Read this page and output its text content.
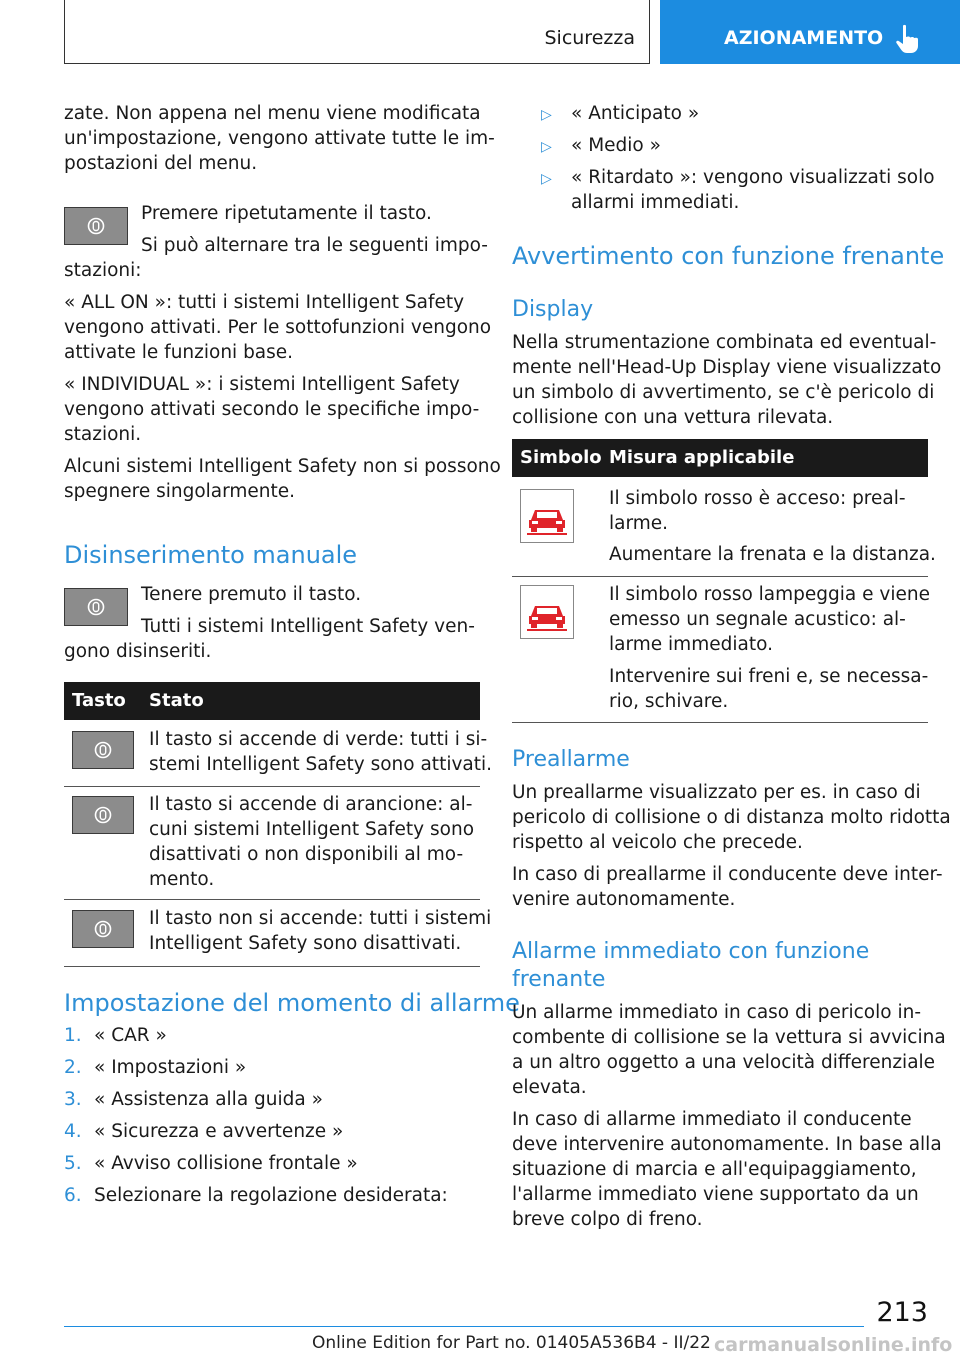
Sicurezza	AZIONAMENTO
zate. Non appena nel menu viene modificata
un'impostazione, vengono attivate tutte le im-
postazioni del menu.
Premere ripetutamente il tasto.
Si può alternare tra le seguenti impo-
stazioni:
« ALL ON »: tutti i sistemi Intelligent Safety
vengono attivati. Per le sottofunzioni vengono
attivate le funzioni base.
« INDIVIDUAL »: i sistemi Intelligent Safety
vengono attivati secondo le specifiche impo-
stazioni.
Alcuni sistemi Intelligent Safety non si possono
spegnere singolarmente.
Disinserimento manuale
Tenere premuto il tasto.
Tutti i sistemi Intelligent Safety ven-
gono disinseriti.
Tasto Stato
Il tasto si accende di verde: tutti i si-
stemi Intelligent Safety sono attivati.
Il tasto si accende di arancione: al-
cuni sistemi Intelligent Safety sono
disattivati o non disponibili al mo-
mento.
Il tasto non si accende: tutti i sistemi
Intelligent Safety sono disattivati.
Impostazione del momento di allarme
1. « CAR »
2. « Impostazioni »
3. « Assistenza alla guida »
4. « Sicurezza e avvertenze »
5. « Avviso collisione frontale »
6. Selezionare la regolazione desiderata:
▷ « Anticipato »
▷ « Medio »
▷ « Ritardato »: vengono visualizzati solo
allarmi immediati.
Avvertimento con funzione frenante
Display
Nella strumentazione combinata ed eventual-
mente nell'Head-Up Display viene visualizzato
un simbolo di avvertimento, se c'è pericolo di
collisione con una vettura rilevata.
Simbolo Misura applicabile
Il simbolo rosso è acceso: preal-
larme.
Aumentare la frenata e la distanza.
Il simbolo rosso lampeggia e viene
emesso un segnale acustico: al-
larme immediato.
Intervenire sui freni e, se necessa-
rio, schivare.
Preallarme
Un preallarme visualizzato per es. in caso di
pericolo di collisione o di distanza molto ridotta
rispetto al veicolo che precede.
In caso di preallarme il conducente deve inter-
venire autonomamente.
Allarme immediato con funzione
frenante
Un allarme immediato in caso di pericolo in-
combente di collisione se la vettura si avvicina
a un altro oggetto a una velocità differenziale
elevata.
In caso di allarme immediato il conducente
deve intervenire autonomamente. In base alla
situazione di marcia e all'equipaggiamento,
l'allarme immediato viene supportato da un
breve colpo di freno.
213
Online Edition for Part no. 01405A536B4 - II/22 carmanualsonline.info
